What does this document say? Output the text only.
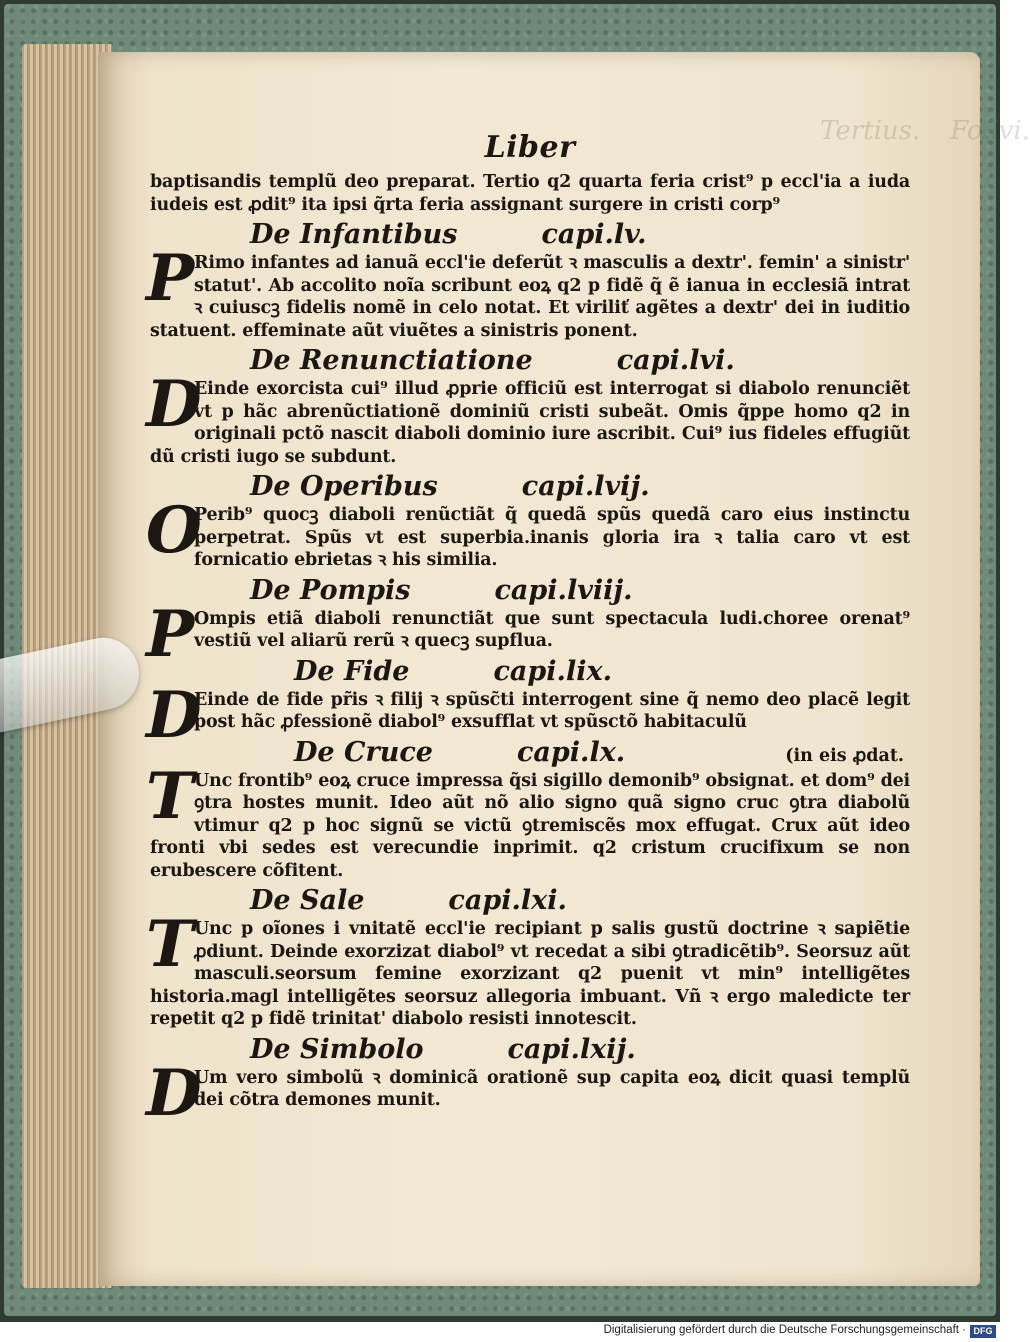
Tertius. Fo.lvi.
Liber

baptisandis templũ deo preparat. Tertio q2 quarta feria crist⁹ p eccl'ia a iuda iudeis est ꝓdit⁹ ita ipsi q̃rta feria assignant surgere in cristi corp⁹

De Infantibus	capi.lv.

P Rimo infantes ad ianuã eccl'ie deferũt ꝛ masculis a dextr'. femin' a sinistr' statut'. Ab accolito noĩa scribunt eoꝝ q2 p fidẽ q̃ ẽ ianua in ecclesiã intrat ꝛ cuiuscꝫ fidelis nomẽ in celo notat. Et viriliť agẽtes a dextr' dei in iuditio statuent. effeminate aũt viuẽtes a sinistris ponent.

De Renunctiatione	capi.lvi.

D
Einde exorcista cui⁹ illud ꝓprie officiũ est interrogat si diabolo renunciẽt vt p hãc abrenũctiationẽ dominiũ cristi subeãt. Omis q̃ppe homo q2 in originali pctõ nascit diaboli dominio iure ascribit. Cui⁹ ius fideles effugiũt dũ cristi iugo se subdunt.

De Operibus	capi.lvij.

O
Perib⁹ quocꝫ diaboli renũctiãt q̃ quedã spũs quedã caro eius instinctu perpetrat. Spũs vt est superbia.inanis gloria ira ꝛ talia caro vt est fornicatio ebrietas ꝛ his similia.

De Pompis	capi.lviij.

P Ompis etiã diaboli renunctiãt que sunt spectacula ludi.choree orenat⁹ vestiũ vel aliarũ rerũ ꝛ quecꝫ supflua.

De Fide	capi.lix.

D
Einde de fide pr̃is ꝛ filij ꝛ spũsc̃ti interrogent sine q̃ nemo deo placẽ legit post hãc ꝓfessionẽ diabol⁹ exsufflat vt spũsctõ habitaculũ

De Cruce	capi.lx.	(in eis ꝓdat.

T Unc frontib⁹ eoꝝ cruce impressa q̃si sigillo demonib⁹ obsignat. et dom⁹ dei ꝯtra hostes munit. Ideo aũt nõ alio signo quã signo cruc ꝯtra diabolũ vtimur q2 p hoc signũ se victũ ꝯtremiscẽs mox effugat. Crux aũt ideo fronti vbi sedes est verecundie inprimit. q2 cristum crucifixum se non erubescere cõfitent.

De Sale	capi.lxi.

T Unc p oĩones i vnitatẽ eccl'ie recipiant p salis gustũ doctrine ꝛ sapiẽtie ꝓdiunt. Deinde exorzizat diabol⁹ vt recedat a sibi ꝯtradicẽtib⁹. Seorsuz aũt masculi.seorsum femine exorzizant q2 puenit vt min⁹ intelligẽtes historia.magl intelligẽtes seorsuz allegoria imbuant. Vñ ꝛ ergo maledicte ter repetit q2 p fidẽ trinitat' diabolo resisti innotescit.

De Simbolo	capi.lxij.

D
Um vero simbolũ ꝛ dominicã orationẽ sup capita eoꝝ dicit quasi templũ dei cõtra demones munit.

Digitalisierung gefördert durch die Deutsche Forschungsgemeinschaft · DFG
